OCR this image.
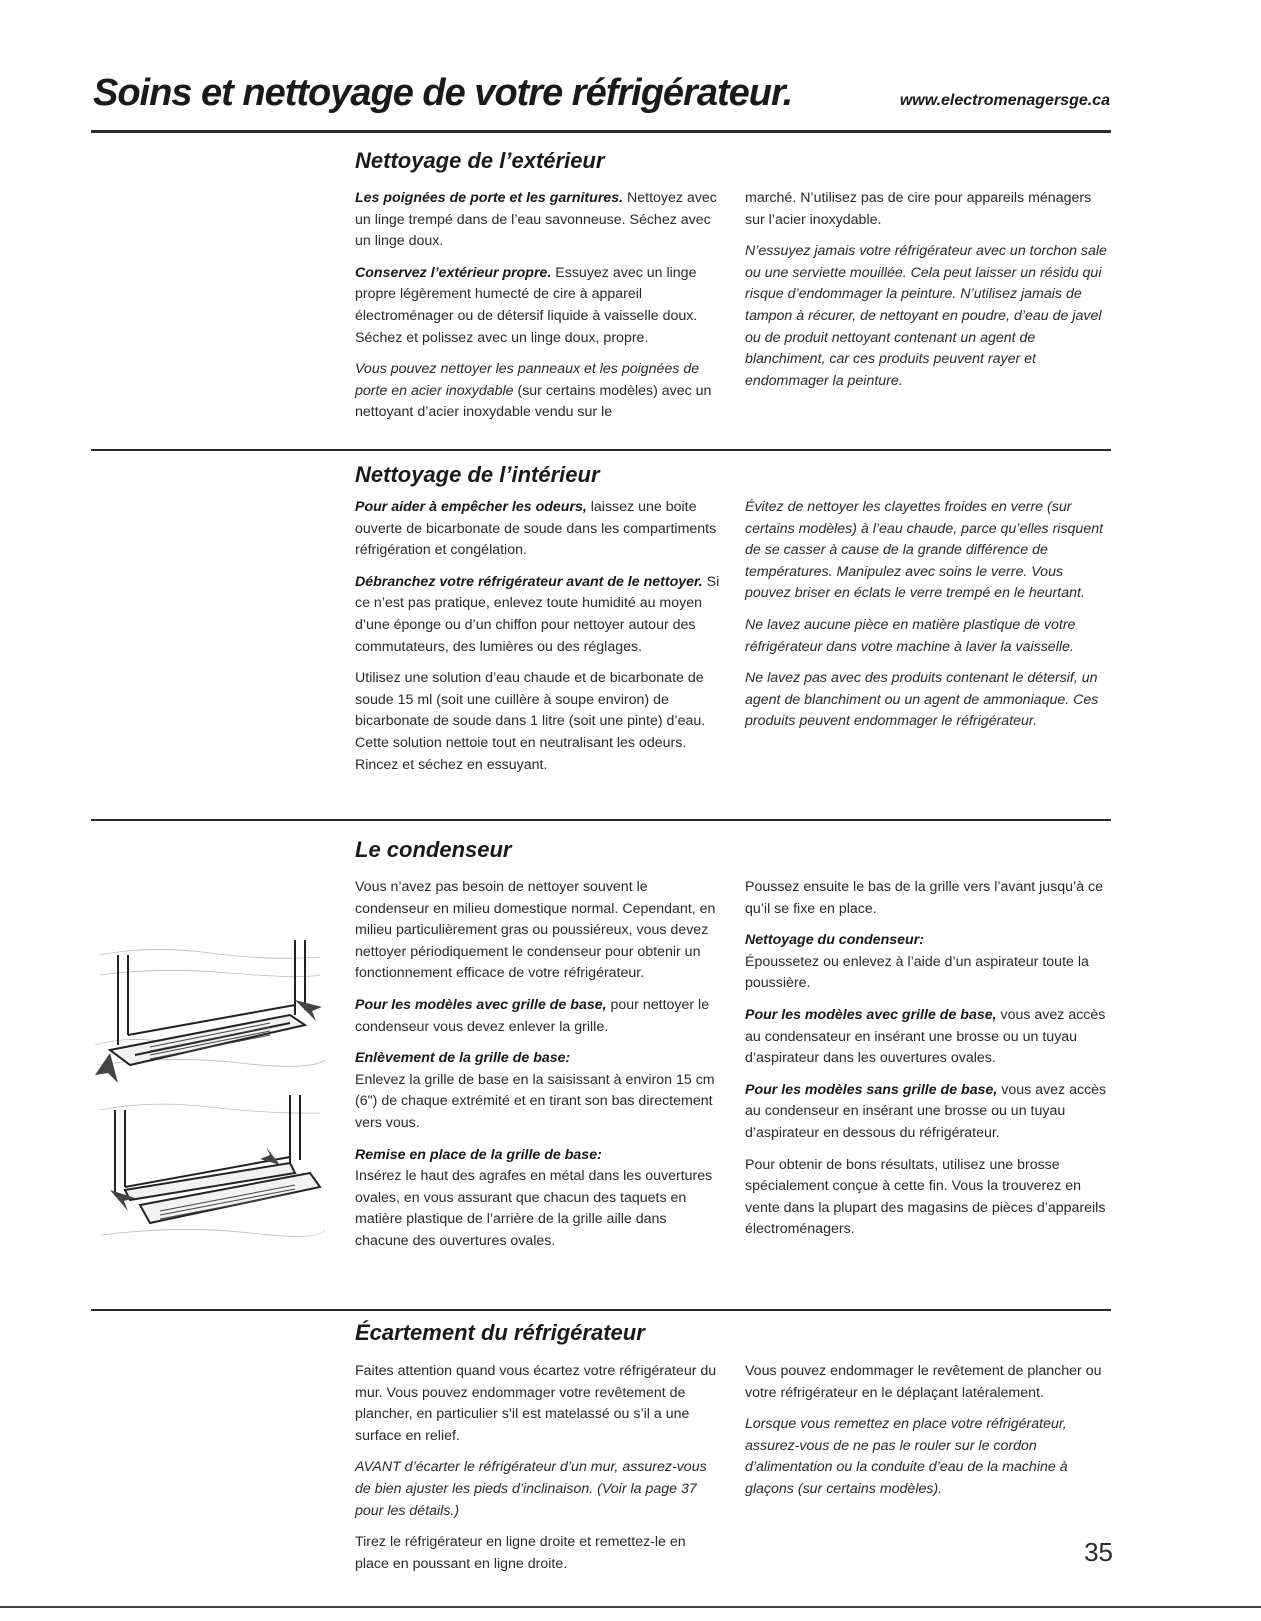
Soins et nettoyage de votre réfrigérateur.	www.electromenagersge.ca
Nettoyage de l’extérieur

Les poignées de porte et les garnitures. Nettoyez avec un linge trempé dans de l’eau savonneuse. Séchez avec un linge doux.

Conservez l’extérieur propre. Essuyez avec un linge propre légèrement humecté de cire à appareil électroménager ou de détersif liquide à vaisselle doux. Séchez et polissez avec un linge doux, propre.

Vous pouvez nettoyer les panneaux et les poignées de porte en acier inoxydable (sur certains modèles) avec un nettoyant d’acier inoxydable vendu sur le

marché. N’utilisez pas de cire pour appareils ménagers sur l’acier inoxydable.

N’essuyez jamais votre réfrigérateur avec un torchon sale ou une serviette mouillée. Cela peut laisser un résidu qui risque d’endommager la peinture. N’utilisez jamais de tampon à récurer, de nettoyant en poudre, d’eau de javel ou de produit nettoyant contenant un agent de blanchiment, car ces produits peuvent rayer et endommager la peinture.

Nettoyage de l’intérieur

Pour aider à empêcher les odeurs, laissez une boite ouverte de bicarbonate de soude dans les compartiments réfrigération et congélation.

Débranchez votre réfrigérateur avant de le nettoyer. Si ce n’est pas pratique, enlevez toute humidité au moyen d’une éponge ou d’un chiffon pour nettoyer autour des commutateurs, des lumières ou des réglages.

Utilisez une solution d’eau chaude et de bicarbonate de soude 15 ml (soit une cuillère à soupe environ) de bicarbonate de soude dans 1 litre (soit une pinte) d’eau. Cette solution nettoie tout en neutralisant les odeurs. Rincez et séchez en essuyant.

Évitez de nettoyer les clayettes froides en verre (sur certains modèles) à l’eau chaude, parce qu’elles risquent de se casser à cause de la grande différence de températures. Manipulez avec soins le verre. Vous pouvez briser en éclats le verre trempé en le heurtant.

Ne lavez aucune pièce en matière plastique de votre réfrigérateur dans votre machine à laver la vaisselle.

Ne lavez pas avec des produits contenant le détersif, un agent de blanchiment ou un agent de ammoniaque. Ces produits peuvent endommager le réfrigérateur.

Le condenseur

Vous n’avez pas besoin de nettoyer souvent le condenseur en milieu domestique normal. Cependant, en milieu particulièrement gras ou poussiéreux, vous devez nettoyer périodiquement le condenseur pour obtenir un fonctionnement efficace de votre réfrigérateur.

Pour les modèles avec grille de base, pour nettoyer le condenseur vous devez enlever la grille.

Enlèvement de la grille de base:
Enlevez la grille de base en la saisissant à environ 15 cm (6") de chaque extrémité et en tirant son bas directement vers vous.

Remise en place de la grille de base:
Insérez le haut des agrafes en métal dans les ouvertures ovales, en vous assurant que chacun des taquets en matière plastique de l’arrière de la grille aille dans chacune des ouvertures ovales.

Poussez ensuite le bas de la grille vers l’avant jusqu’à ce qu’il se fixe en place.

Nettoyage du condenseur:
Époussetez ou enlevez à l’aide d’un aspirateur toute la poussière.

Pour les modèles avec grille de base, vous avez accès au condensateur en insérant une brosse ou un tuyau d’aspirateur dans les ouvertures ovales.

Pour les modèles sans grille de base, vous avez accès au condenseur en insérant une brosse ou un tuyau d’aspirateur en dessous du réfrigérateur.

Pour obtenir de bons résultats, utilisez une brosse spécialement conçue à cette fin. Vous la trouverez en vente dans la plupart des magasins de pièces d’appareils électroménagers.

Écartement du réfrigérateur

Faites attention quand vous écartez votre réfrigérateur du mur. Vous pouvez endommager votre revêtement de plancher, en particulier s’il est matelassé ou s’il a une surface en relief.

AVANT d’écarter le réfrigérateur d’un mur, assurez-vous de bien ajuster les pieds d’inclinaison. (Voir la page 37 pour les détails.)

Tirez le réfrigérateur en ligne droite et remettez-le en place en poussant en ligne droite.

Vous pouvez endommager le revêtement de plancher ou votre réfrigérateur en le déplaçant latéralement.

Lorsque vous remettez en place votre réfrigérateur, assurez-vous de ne pas le rouler sur le cordon d’alimentation ou la conduite d’eau de la machine à glaçons (sur certains modèles).

35
